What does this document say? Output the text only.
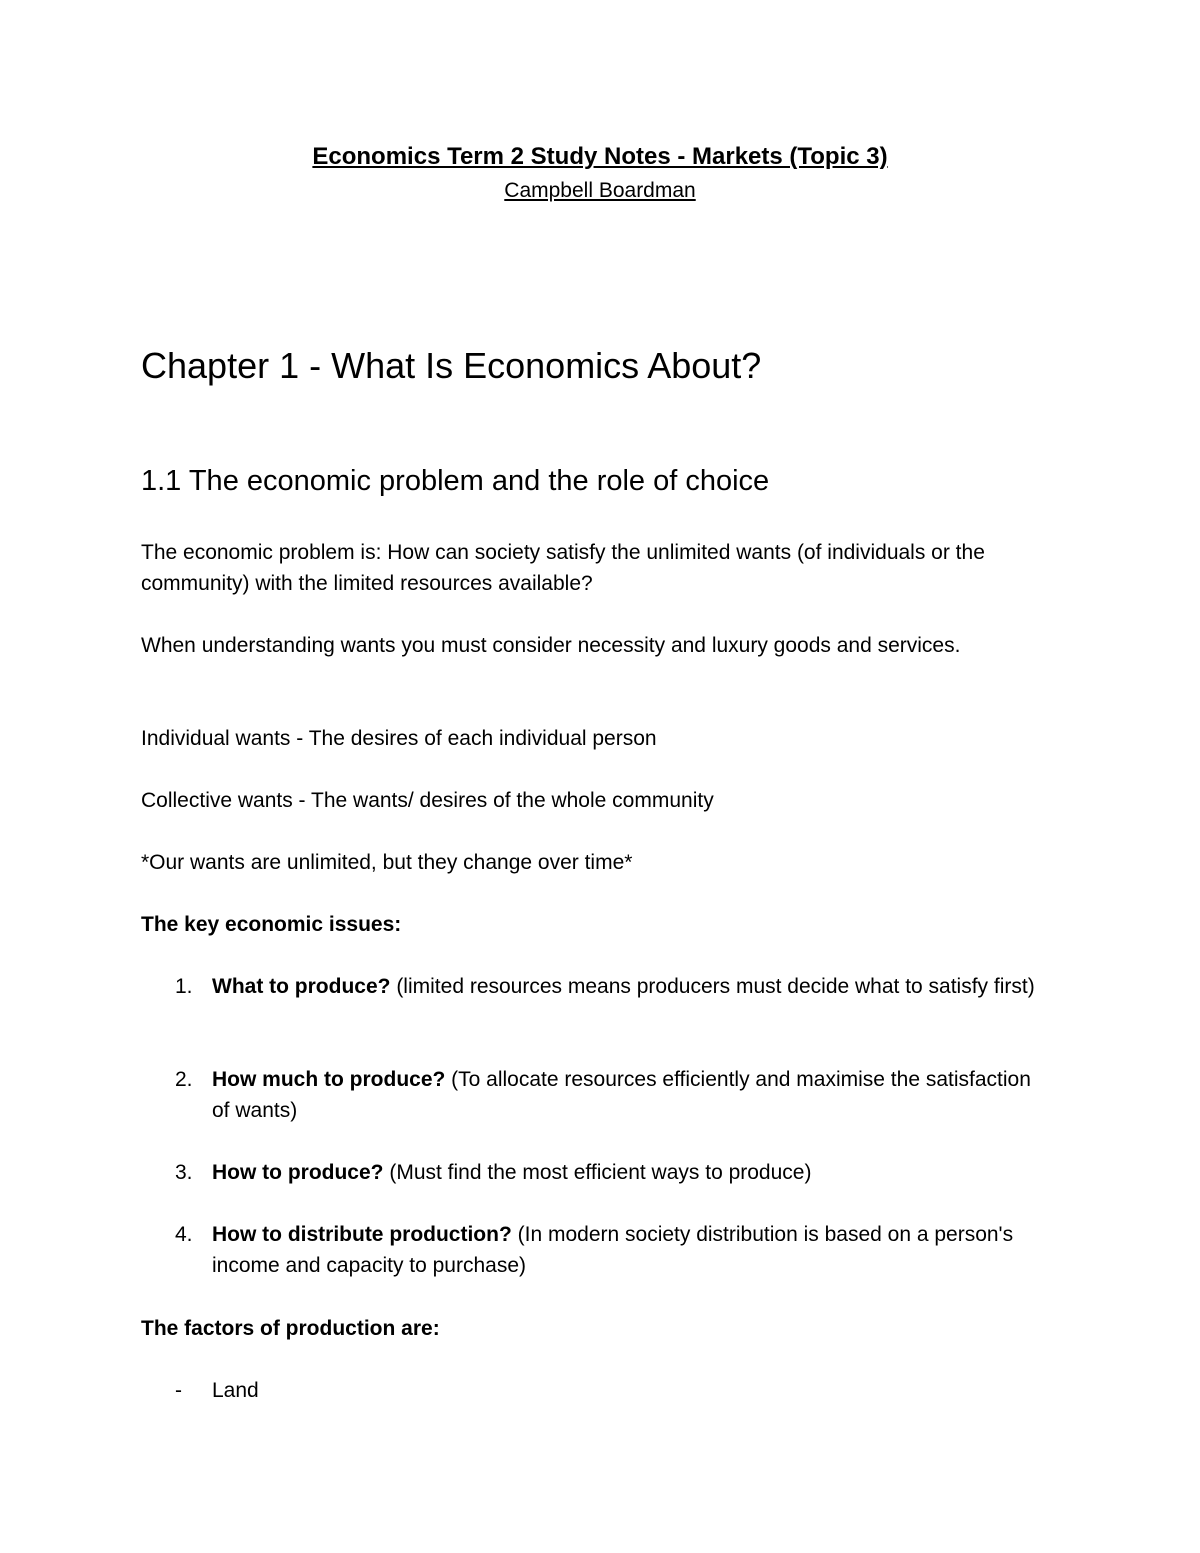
Economics Term 2 Study Notes - Markets (Topic 3)
Campbell Boardman
Chapter 1 - What Is Economics About?
1.1 The economic problem and the role of choice

The economic problem is: How can society satisfy the unlimited wants (of individuals or the community) with the limited resources available?

When understanding wants you must consider necessity and luxury goods and services.

Individual wants - The desires of each individual person

Collective wants - The wants/ desires of the whole community

*Our wants are unlimited, but they change over time*

The key economic issues:

1. What to produce? (limited resources means producers must decide what to satisfy first)
2. How much to produce? (To allocate resources efficiently and maximise the satisfaction of wants)
3. How to produce? (Must find the most efficient ways to produce)
4. How to distribute production? (In modern society distribution is based on a person's income and capacity to purchase)

The factors of production are:

- Land
